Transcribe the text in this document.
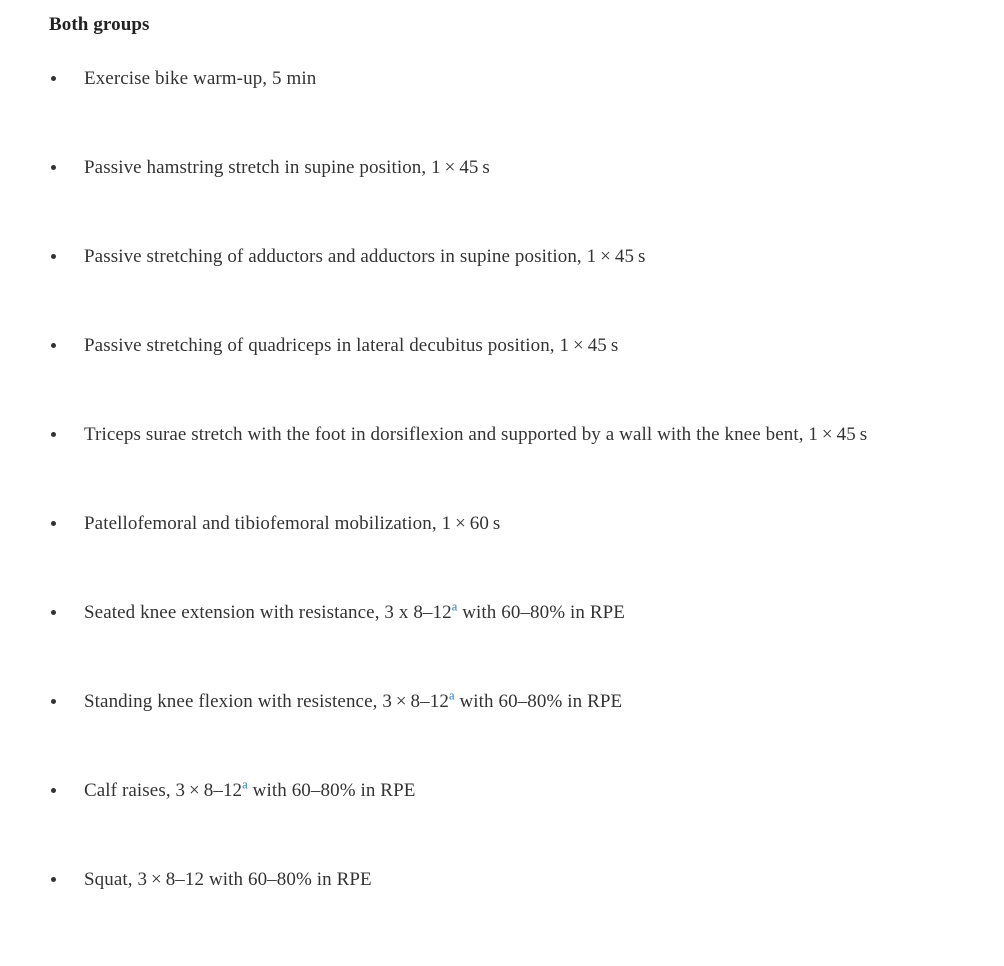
Both groups
Exercise bike warm-up, 5 min
Passive hamstring stretch in supine position, 1 × 45 s
Passive stretching of adductors and adductors in supine position, 1 × 45 s
Passive stretching of quadriceps in lateral decubitus position, 1 × 45 s
Triceps surae stretch with the foot in dorsiflexion and supported by a wall with the knee bent, 1 × 45 s
Patellofemoral and tibiofemoral mobilization, 1 × 60 s
Seated knee extension with resistance, 3 x 8–12$^a$ with 60–80% in RPE
Standing knee flexion with resistence, 3 × 8–12$^a$ with 60–80% in RPE
Calf raises, 3 × 8–12$^a$ with 60–80% in RPE
Squat, 3 × 8–12 with 60–80% in RPE
